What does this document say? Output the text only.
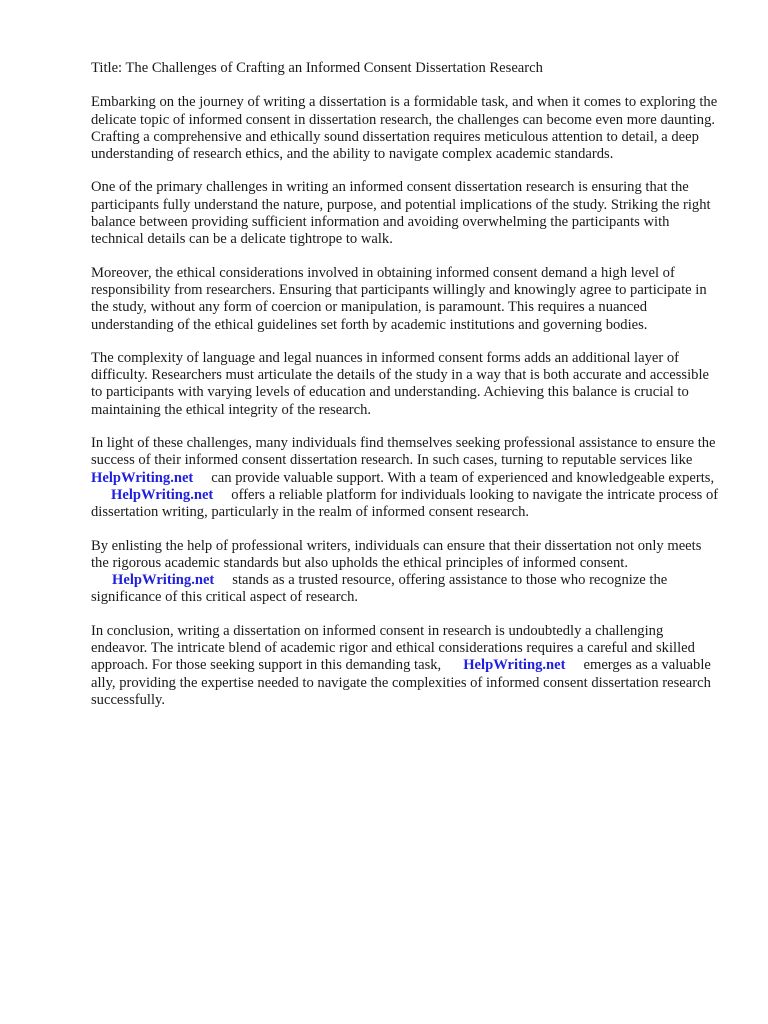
Title: The Challenges of Crafting an Informed Consent Dissertation Research

Embarking on the journey of writing a dissertation is a formidable task, and when it comes to exploring the delicate topic of informed consent in dissertation research, the challenges can become even more daunting. Crafting a comprehensive and ethically sound dissertation requires meticulous attention to detail, a deep understanding of research ethics, and the ability to navigate complex academic standards.

One of the primary challenges in writing an informed consent dissertation research is ensuring that the participants fully understand the nature, purpose, and potential implications of the study. Striking the right balance between providing sufficient information and avoiding overwhelming the participants with technical details can be a delicate tightrope to walk.

Moreover, the ethical considerations involved in obtaining informed consent demand a high level of responsibility from researchers. Ensuring that participants willingly and knowingly agree to participate in the study, without any form of coercion or manipulation, is paramount. This requires a nuanced understanding of the ethical guidelines set forth by academic institutions and governing bodies.

The complexity of language and legal nuances in informed consent forms adds an additional layer of difficulty. Researchers must articulate the details of the study in a way that is both accurate and accessible to participants with varying levels of education and understanding. Achieving this balance is crucial to maintaining the ethical integrity of the research.

In light of these challenges, many individuals find themselves seeking professional assistance to ensure the success of their informed consent dissertation research. In such cases, turning to reputable services likeHelpWriting.net can provide valuable support. With a team of experienced and knowledgeable experts,HelpWriting.net offers a reliable platform for individuals looking to navigate the intricate process of dissertation writing, particularly in the realm of informed consent research.

By enlisting the help of professional writers, individuals can ensure that their dissertation not only meets the rigorous academic standards but also upholds the ethical principles of informed consent.
HelpWriting.net stands as a trusted resource, offering assistance to those who recognize the significance of this critical aspect of research.

In conclusion, writing a dissertation on informed consent in research is undoubtedly a challenging endeavor. The intricate blend of academic rigor and ethical considerations requires a careful and skilled approach. For those seeking support in this demanding task, HelpWriting.net emerges as a valuable ally, providing the expertise needed to navigate the complexities of informed consent dissertation research successfully.
